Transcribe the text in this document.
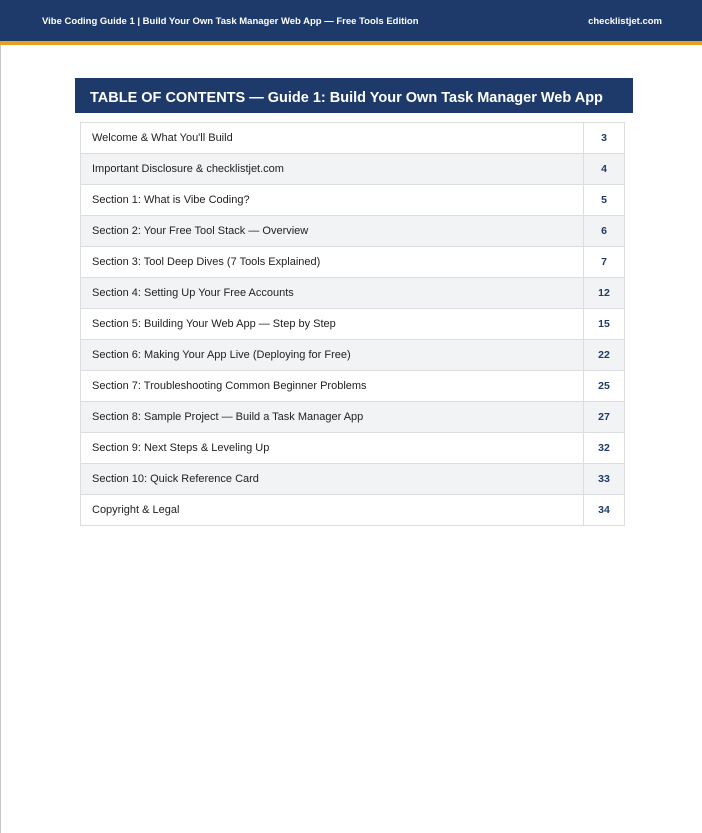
Vibe Coding Guide 1 | Build Your Own Task Manager Web App — Free Tools Edition	checklistjet.com
TABLE OF CONTENTS — Guide 1: Build Your Own Task Manager Web App
Welcome & What You'll Build	3
Important Disclosure & checklistjet.com	4
Section 1: What is Vibe Coding?	5
Section 2: Your Free Tool Stack — Overview	6
Section 3: Tool Deep Dives (7 Tools Explained)	7
Section 4: Setting Up Your Free Accounts	12
Section 5: Building Your Web App — Step by Step	15
Section 6: Making Your App Live (Deploying for Free)	22
Section 7: Troubleshooting Common Beginner Problems	25
Section 8: Sample Project — Build a Task Manager App	27
Section 9: Next Steps & Leveling Up	32
Section 10: Quick Reference Card	33
Copyright & Legal	34
